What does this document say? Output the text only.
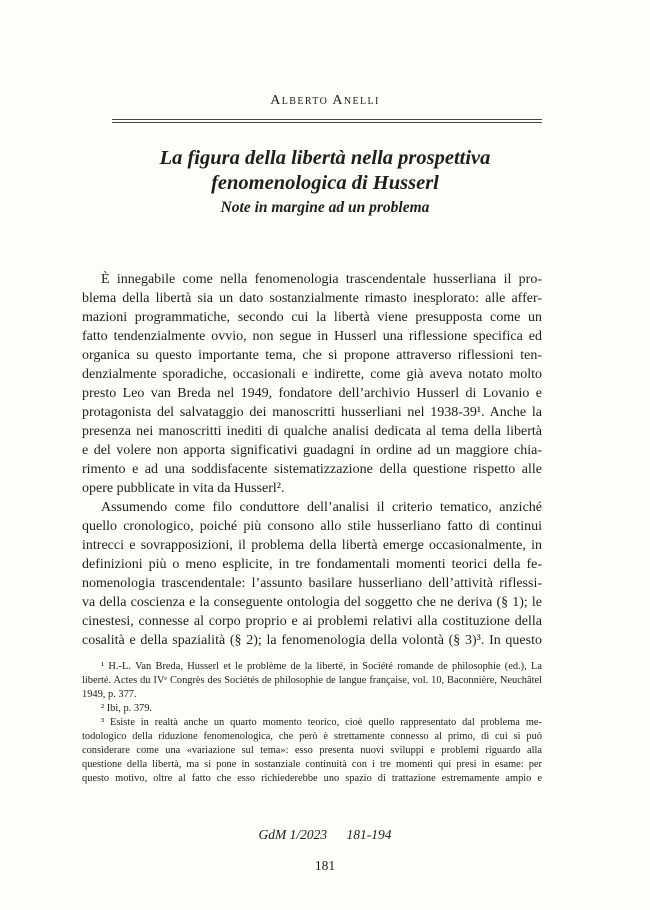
Alberto Anelli
La figura della libertà nella prospettiva
fenomenologica di Husserl
Note in margine ad un problema
È innegabile come nella fenomenologia trascendentale husserliana il pro-
blema della libertà sia un dato sostanzialmente rimasto inesplorato: alle affer-
mazioni programmatiche, secondo cui la libertà viene presupposta come un
fatto tendenzialmente ovvio, non segue in Husserl una riflessione specifica ed
organica su questo importante tema, che si propone attraverso riflessioni ten-
denzialmente sporadiche, occasionali e indirette, come già aveva notato molto
presto Leo van Breda nel 1949, fondatore dell’archivio Husserl di Lovanio e
protagonista del salvataggio dei manoscritti husserliani nel 1938-39¹. Anche la
presenza nei manoscritti inediti di qualche analisi dedicata al tema della libertà
e del volere non apporta significativi guadagni in ordine ad un maggiore chia-
rimento e ad una soddisfacente sistematizzazione della questione rispetto alle
opere pubblicate in vita da Husserl².
Assumendo come filo conduttore dell’analisi il criterio tematico, anziché
quello cronologico, poiché più consono allo stile husserliano fatto di continui
intrecci e sovrapposizioni, il problema della libertà emerge occasionalmente, in
definizioni più o meno esplicite, in tre fondamentali momenti teorici della fe-
nomenologia trascendentale: l’assunto basilare husserliano dell’attività riflessi-
va della coscienza e la conseguente ontologia del soggetto che ne deriva (§ 1); le
cinestesi, connesse al corpo proprio e ai problemi relativi alla costituzione della
cosalità e della spazialità (§ 2); la fenomenologia della volontà (§ 3)³. In questo
¹ H.-L. Van Breda, Husserl et le problème de la liberté, in Société romande de philosophie (ed.), La
liberté. Actes du IVᵉ Congrès des Sociétés de philosophie de langue française, vol. 10, Baconnière, Neuchâtel
1949, p. 377.
² Ibi, p. 379.
³ Esiste in realtà anche un quarto momento teorico, cioè quello rappresentato dal problema me-
todologico della riduzione fenomenologica, che però è strettamente connesso al primo, di cui si può
considerare come una «variazione sul tema»: esso presenta nuovi sviluppi e problemi riguardo alla
questione della libertà, ma si pone in sostanziale continuità con i tre momenti qui presi in esame: per
questo motivo, oltre al fatto che esso richiederebbe uno spazio di trattazione estremamente ampio e
GdM 1/2023 181-194
181
